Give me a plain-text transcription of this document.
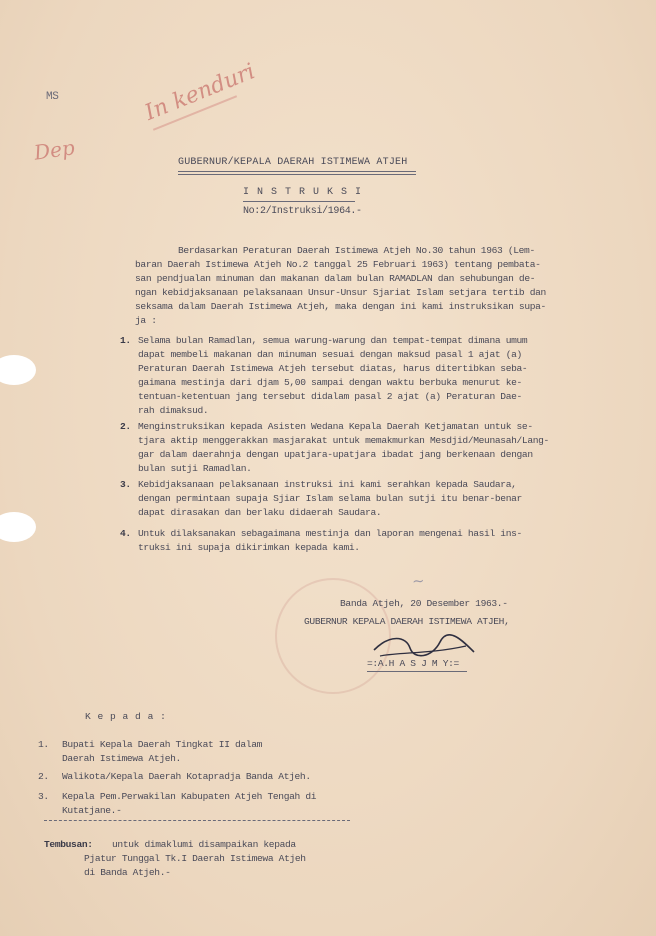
MS
Dep
In kenduri
GUBERNUR/KEPALA DAERAH ISTIMEWA ATJEH
I N S T R U K S I
No:2/Instruksi/1964.-
Berdasarkan Peraturan Daerah Istimewa Atjeh No.30 tahun 1963 (Lem-
baran Daerah Istimewa Atjeh No.2 tanggal 25 Februari 1963) tentang pembata-
san pendjualan minuman dan makanan dalam bulan RAMADLAN dan sehubungan de-
ngan kebidjaksanaan pelaksanaan Unsur-Unsur Sjariat Islam setjara tertib dan
seksama dalam Daerah Istimewa Atjeh, maka dengan ini kami instruksikan supa-
ja :
1. Selama bulan Ramadlan, semua warung-warung dan tempat-tempat dimana umum
dapat membeli makanan dan minuman sesuai dengan maksud pasal 1 ajat (a)
Peraturan Daerah Istimewa Atjeh tersebut diatas, harus ditertibkan seba-
gaimana mestinja dari djam 5,00 sampai dengan waktu berbuka menurut ke-
tentuan-ketentuan jang tersebut didalam pasal 2 ajat (a) Peraturan Dae-
rah dimaksud.
2. Menginstruksikan kepada Asisten Wedana Kepala Daerah Ketjamatan untuk se-
tjara aktip menggerakkan masjarakat untuk memakmurkan Mesdjid/Meunasah/Lang-
gar dalam daerahnja dengan upatjara-upatjara ibadat jang berkenaan dengan
bulan sutji Ramadlan.
3. Kebidjaksanaan pelaksanaan instruksi ini kami serahkan kepada Saudara,
dengan permintaan supaja Sjiar Islam selama bulan sutji itu benar-benar
dapat dirasakan dan berlaku didaerah Saudara.
4. Untuk dilaksanakan sebagaimana mestinja dan laporan mengenai hasil ins-
truksi ini supaja dikirimkan kepada kami.
~
Banda Atjeh, 20 Desember 1963.-
GUBERNUR KEPALA DAERAH ISTIMEWA ATJEH,
=:A.H A S J M Y:=
K e p a d a :
1. Bupati Kepala Daerah Tingkat II dalam
Daerah Istimewa Atjeh.
2. Walikota/Kepala Daerah Kotapradja Banda Atjeh.
3. Kepala Pem.Perwakilan Kabupaten Atjeh Tengah di
Kutatjane.-
Tembusan: untuk dimaklumi disampaikan kepada
Pjatur Tunggal Tk.I Daerah Istimewa Atjeh
di Banda Atjeh.-
